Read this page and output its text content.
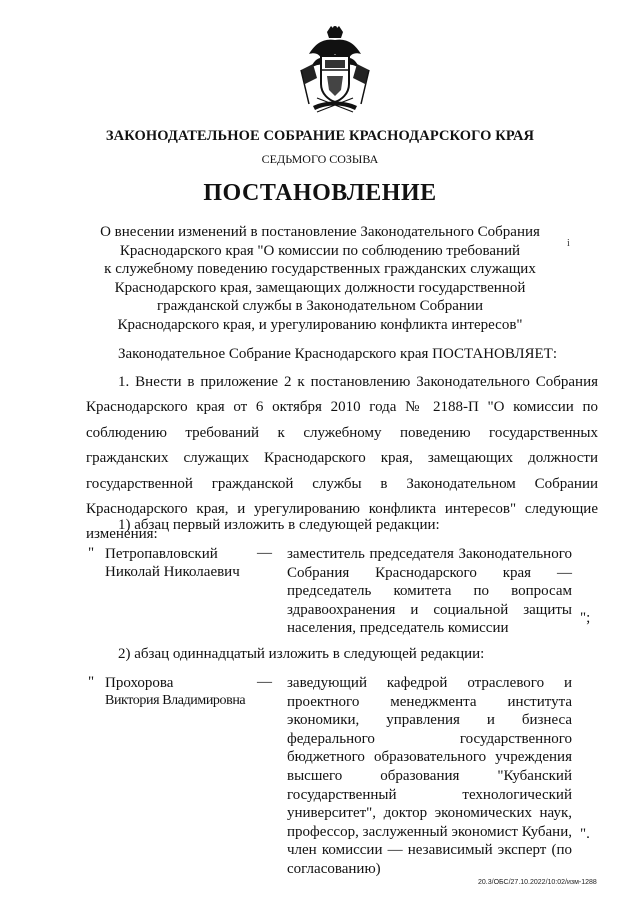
ЗАКОНОДАТЕЛЬНОЕ СОБРАНИЕ КРАСНОДАРСКОГО КРАЯ
СЕДЬМОГО СОЗЫВА
ПОСТАНОВЛЕНИЕ
О внесении изменений в постановление Законодательного Собрания
Краснодарского края "О комиссии по соблюдению требований
к служебному поведению государственных гражданских служащих
Краснодарского края, замещающих должности государственной
гражданской службы в Законодательном Собрании
Краснодарского края, и урегулированию конфликта интересов"
i
Законодательное Собрание Краснодарского края ПОСТАНОВЛЯЕТ:
1. Внести в приложение 2 к постановлению Законодательного Собрания Краснодарского края от 6 октября 2010 года № 2188-П "О комиссии по соблюдению требований к служебному поведению государственных гражданских служащих Краснодарского края, замещающих должности государственной гражданской службы в Законодательном Собрании Краснодарского края, и урегулированию конфликта интересов" следующие изменения:
1) абзац первый изложить в следующей редакции:
" Петропавловский
Николай Николаевич
— заместитель председателя Законодательного Собрания Краснодарского края — председатель комитета по вопросам здравоохранения и социальной защиты населения, председатель комиссии
";
2) абзац одиннадцатый изложить в следующей редакции:
" Прохорова
Виктория Владимировна
— заведующий кафедрой отраслевого и проектного менеджмента института экономики, управления и бизнеса федерального государственного бюджетного образовательного учреждения высшего образования "Кубанский государственный технологический университет", доктор экономических наук, профессор, заслуженный экономист Кубани, член комиссии — независимый эксперт (по согласованию)
".
20.3/ОБС/27.10.2022/10:02/изм-1288
